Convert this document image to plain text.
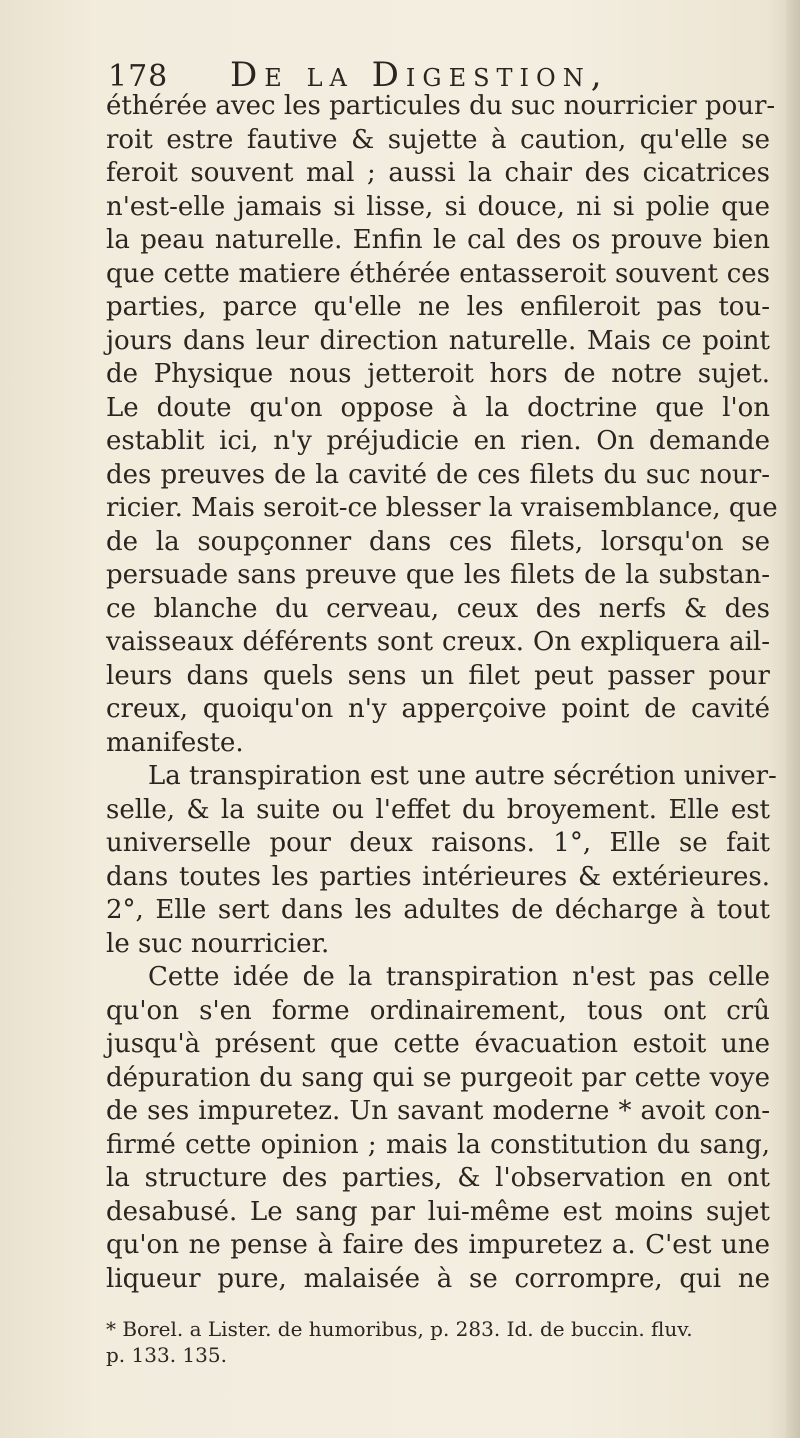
178 De la Digestion,
éthérée avec les particules du suc nourricier pour-
roit estre fautive & sujette à caution, qu'elle se
feroit souvent mal ; aussi la chair des cicatrices
n'est-elle jamais si lisse, si douce, ni si polie que
la peau naturelle. Enfin le cal des os prouve bien
que cette matiere éthérée entasseroit souvent ces
parties, parce qu'elle ne les enfileroit pas tou-
jours dans leur direction naturelle. Mais ce point
de Physique nous jetteroit hors de notre sujet.
Le doute qu'on oppose à la doctrine que l'on
establit ici, n'y préjudicie en rien. On demande
des preuves de la cavité de ces filets du suc nour-
ricier. Mais seroit-ce blesser la vraisemblance, que
de la soupçonner dans ces filets, lorsqu'on se
persuade sans preuve que les filets de la substan-
ce blanche du cerveau, ceux des nerfs & des
vaisseaux déférents sont creux. On expliquera ail-
leurs dans quels sens un filet peut passer pour
creux, quoiqu'on n'y apperçoive point de cavité
manifeste.
La transpiration est une autre sécrétion univer-
selle, & la suite ou l'effet du broyement. Elle est
universelle pour deux raisons. 1°, Elle se fait
dans toutes les parties intérieures & extérieures.
2°, Elle sert dans les adultes de décharge à tout
le suc nourricier.
Cette idée de la transpiration n'est pas celle
qu'on s'en forme ordinairement, tous ont crû
jusqu'à présent que cette évacuation estoit une
dépuration du sang qui se purgeoit par cette voye
de ses impuretez. Un savant moderne * avoit con-
firmé cette opinion ; mais la constitution du sang,
la structure des parties, & l'observation en ont
desabusé. Le sang par lui-même est moins sujet
qu'on ne pense à faire des impuretez a. C'est une
liqueur pure, malaisée à se corrompre, qui ne
* Borel. a Lister. de humoribus, p. 283. Id. de buccin. fluv.
p. 133. 135.
